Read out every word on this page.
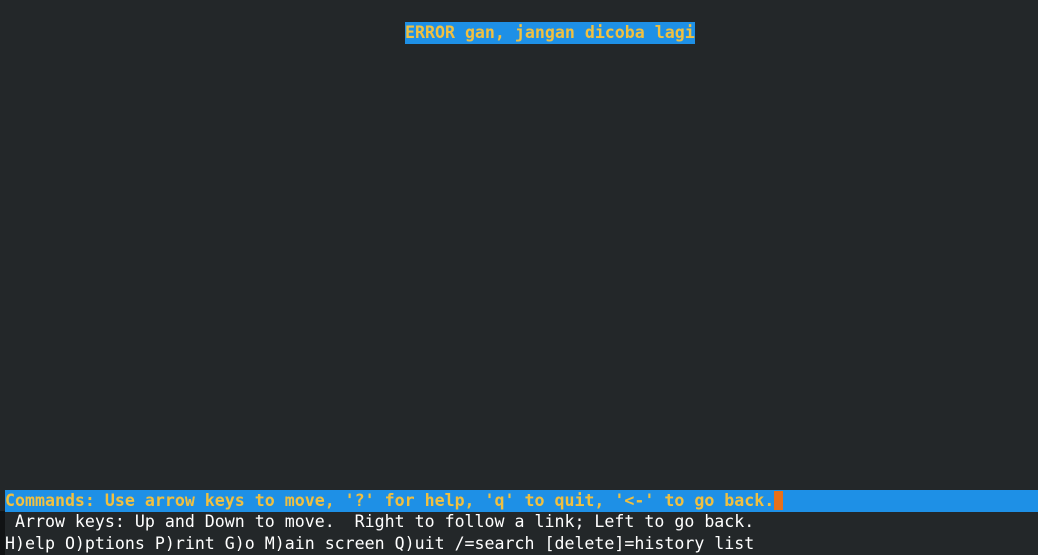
ERROR gan, jangan dicoba lagi
Commands: Use arrow keys to move, '?' for help, 'q' to quit, '<-' to go back.
Arrow keys: Up and Down to move.  Right to follow a link; Left to go back.
H)elp O)ptions P)rint G)o M)ain screen Q)uit /=search [delete]=history list
